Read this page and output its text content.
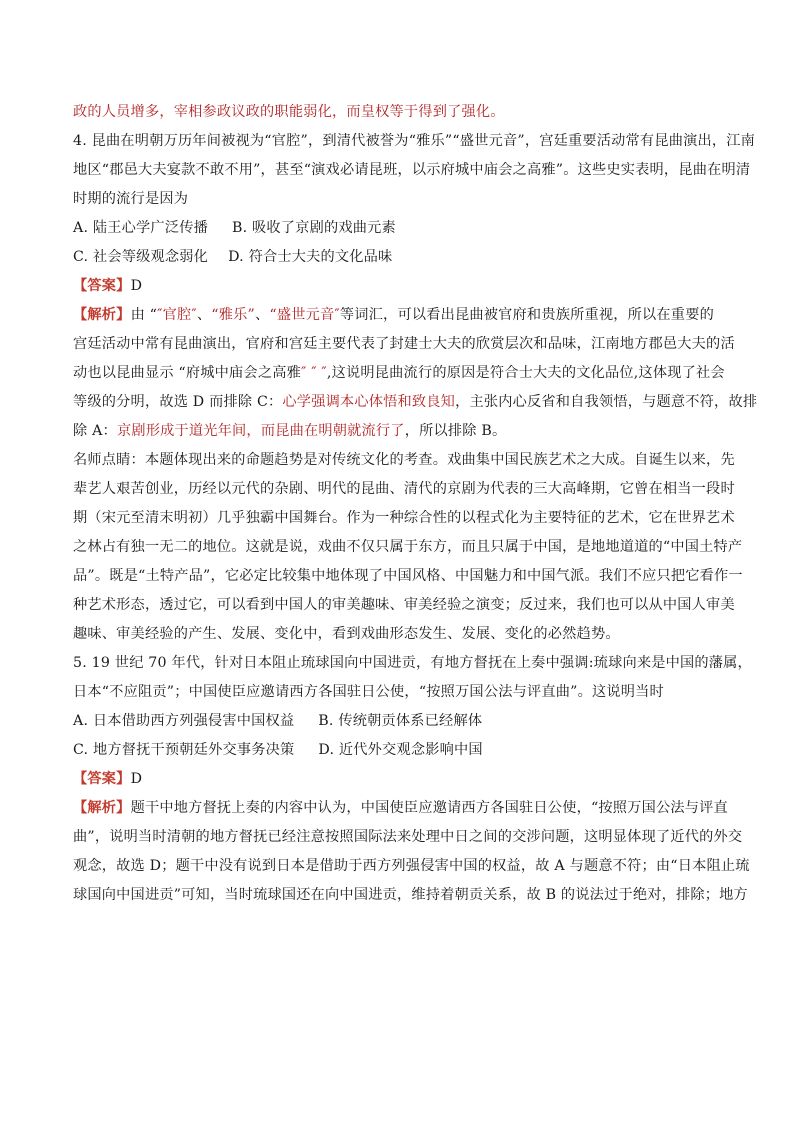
政的人员增多，宰相参政议政的职能弱化，而皇权等于得到了强化。
4. 昆曲在明朝万历年间被视为“官腔”，到清代被誉为“雅乐”“盛世元音”，宫廷重要活动常有昆曲演出，江南
地区“郡邑大夫宴款不敢不用”，甚至“演戏必请昆班，以示府城中庙会之高雅”。这些史实表明，昆曲在明清
时期的流行是因为
A. 陆王心学广泛传播 B. 吸收了京剧的戏曲元素
C. 社会等级观念弱化 D. 符合士大夫的文化品味
【答案】D
【解析】由 “″官腔″、“雅乐”、“盛世元音″等词汇，可以看出昆曲被官府和贵族所重视，所以在重要的
宫廷活动中常有昆曲演出，官府和宫廷主要代表了封建士大夫的欣赏层次和品味，江南地方郡邑大夫的活
动也以昆曲显示 “府城中庙会之高雅″ ″ ″,这说明昆曲流行的原因是符合士大夫的文化品位,这体现了社会
等级的分明，故选 D 而排除 C：心学强调本心体悟和致良知，主张内心反省和自我领悟，与题意不符，故排
除 A：京剧形成于道光年间，而昆曲在明朝就流行了，所以排除 B。
名师点睛：本题体现出来的命题趋势是对传统文化的考查。戏曲集中国民族艺术之大成。自诞生以来，先
辈艺人艰苦创业，历经以元代的杂剧、明代的昆曲、清代的京剧为代表的三大高峰期，它曾在相当一段时
期（宋元至清末明初）几乎独霸中国舞台。作为一种综合性的以程式化为主要特征的艺术，它在世界艺术
之林占有独一无二的地位。这就是说，戏曲不仅只属于东方，而且只属于中国，是地地道道的“中国土特产
品”。既是“土特产品”，它必定比较集中地体现了中国风格、中国魅力和中国气派。我们不应只把它看作一
种艺术形态，透过它，可以看到中国人的审美趣味、审美经验之演变；反过来，我们也可以从中国人审美
趣味、审美经验的产生、发展、变化中，看到戏曲形态发生、发展、变化的必然趋势。
5. 19 世纪 70 年代，针对日本阻止琉球国向中国进贡，有地方督抚在上奏中强调:琉球向来是中国的藩属，
日本“不应阻贡”；中国使臣应邀请西方各国驻日公使，“按照万国公法与评直曲”。这说明当时
A. 日本借助西方列强侵害中国权益 B. 传统朝贡体系已经解体
C. 地方督抚干预朝廷外交事务决策 D. 近代外交观念影响中国
【答案】D
【解析】题干中地方督抚上奏的内容中认为，中国使臣应邀请西方各国驻日公使，“按照万国公法与评直
曲”，说明当时清朝的地方督抚已经注意按照国际法来处理中日之间的交涉问题，这明显体现了近代的外交
观念，故选 D；题干中没有说到日本是借助于西方列强侵害中国的权益，故 A 与题意不符；由“日本阻止琉
球国向中国进贡”可知，当时琉球国还在向中国进贡，维持着朝贡关系，故 B 的说法过于绝对，排除；地方
